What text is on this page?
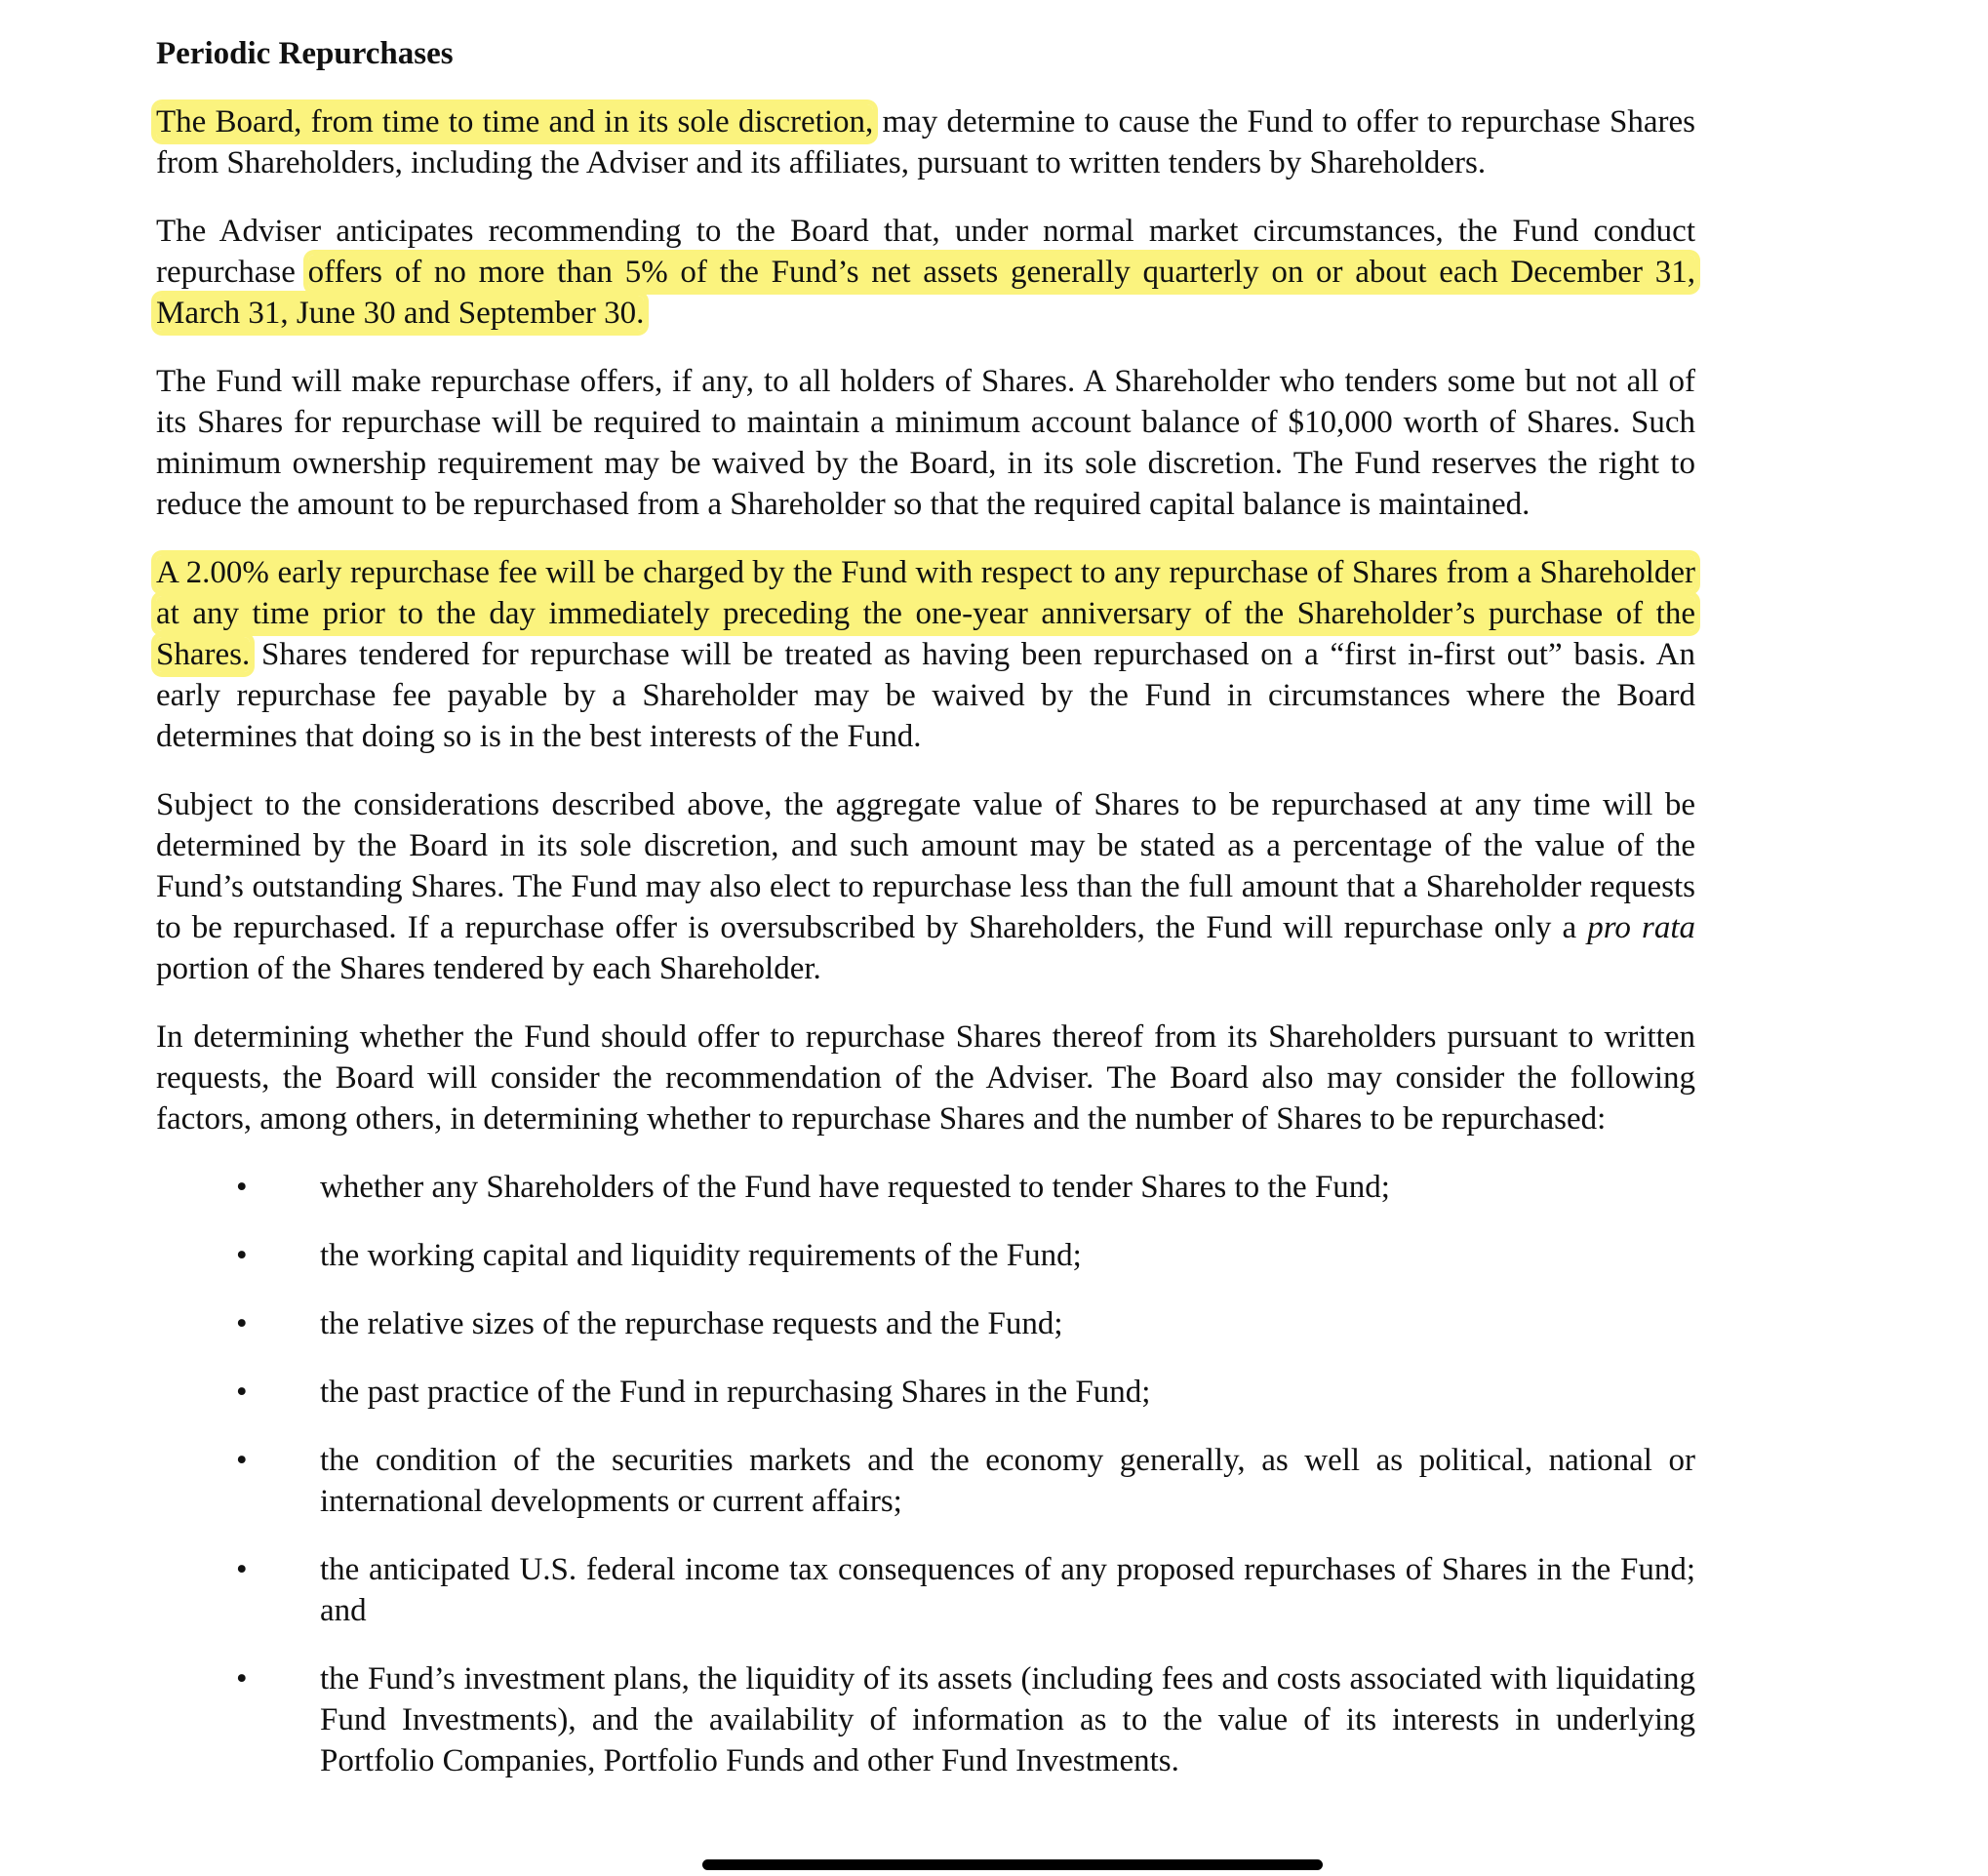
Periodic Repurchases

The Board, from time to time and in its sole discretion, may determine to cause the Fund to offer to repurchase Shares from Shareholders, including the Adviser and its affiliates, pursuant to written tenders by Shareholders.

The Adviser anticipates recommending to the Board that, under normal market circumstances, the Fund conduct repurchase offers of no more than 5% of the Fund’s net assets generally quarterly on or about each December 31, March 31, June 30 and September 30.

The Fund will make repurchase offers, if any, to all holders of Shares. A Shareholder who tenders some but not all of its Shares for repurchase will be required to maintain a minimum account balance of $10,000 worth of Shares. Such minimum ownership requirement may be waived by the Board, in its sole discretion. The Fund reserves the right to reduce the amount to be repurchased from a Shareholder so that the required capital balance is maintained.

A 2.00% early repurchase fee will be charged by the Fund with respect to any repurchase of Shares from a Shareholder at any time prior to the day immediately preceding the one-year anniversary of the Shareholder’s purchase of the Shares. Shares tendered for repurchase will be treated as having been repurchased on a “first in-first out” basis. An early repurchase fee payable by a Shareholder may be waived by the Fund in circumstances where the Board determines that doing so is in the best interests of the Fund.

Subject to the considerations described above, the aggregate value of Shares to be repurchased at any time will be determined by the Board in its sole discretion, and such amount may be stated as a percentage of the value of the Fund’s outstanding Shares. The Fund may also elect to repurchase less than the full amount that a Shareholder requests to be repurchased. If a repurchase offer is oversubscribed by Shareholders, the Fund will repurchase only a pro rata portion of the Shares tendered by each Shareholder.

In determining whether the Fund should offer to repurchase Shares thereof from its Shareholders pursuant to written requests, the Board will consider the recommendation of the Adviser. The Board also may consider the following factors, among others, in determining whether to repurchase Shares and the number of Shares to be repurchased:

• whether any Shareholders of the Fund have requested to tender Shares to the Fund;
• the working capital and liquidity requirements of the Fund;
• the relative sizes of the repurchase requests and the Fund;
• the past practice of the Fund in repurchasing Shares in the Fund;
• the condition of the securities markets and the economy generally, as well as political, national or international developments or current affairs;
• the anticipated U.S. federal income tax consequences of any proposed repurchases of Shares in the Fund; and
• the Fund’s investment plans, the liquidity of its assets (including fees and costs associated with liquidating Fund Investments), and the availability of information as to the value of its interests in underlying Portfolio Companies, Portfolio Funds and other Fund Investments.
